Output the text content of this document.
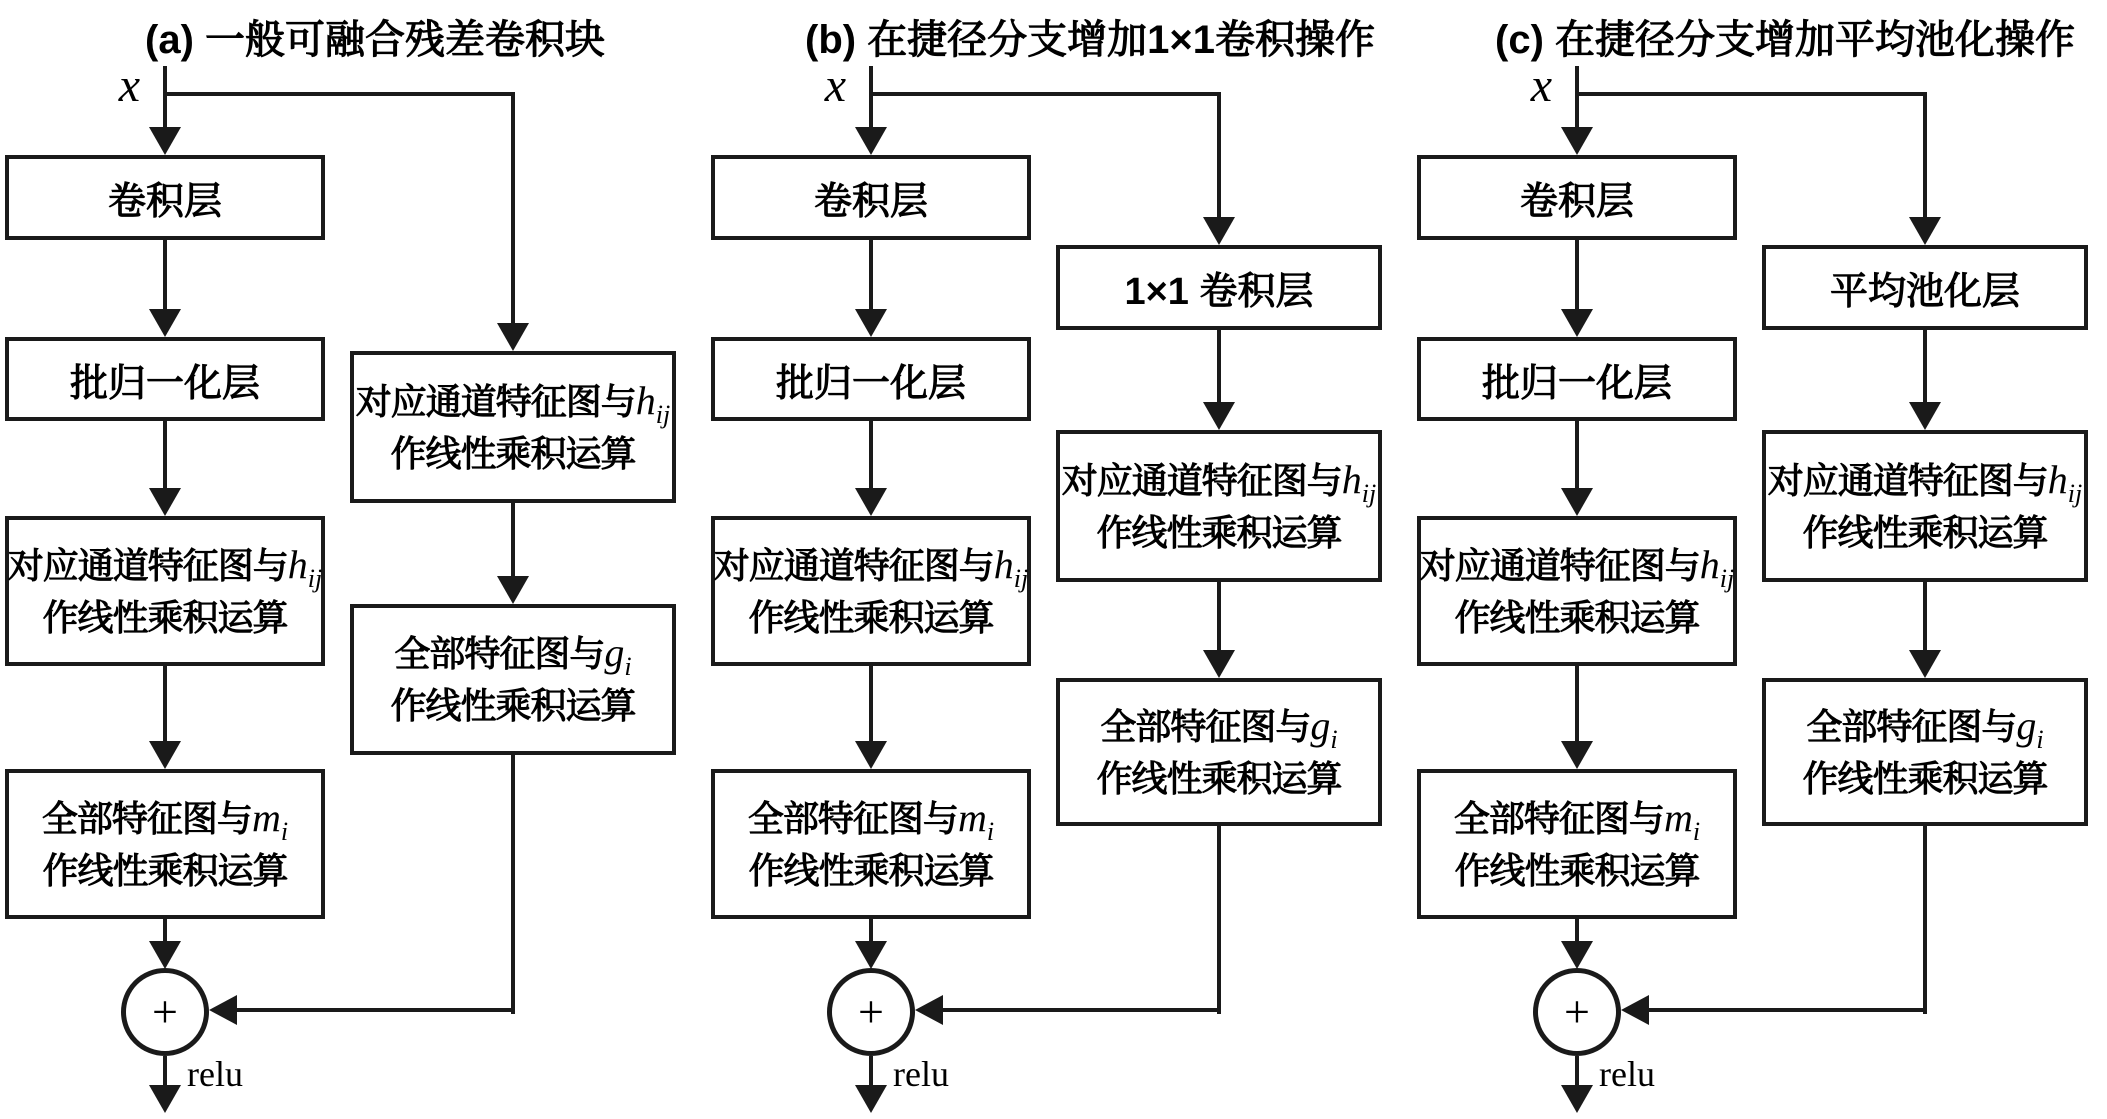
(a) 一般可融合残差卷积块
x
卷积层
批归一化层
对应通道特征图与$h_{ij}$
作线性乘积运算
全部特征图与$m_i$
作线性乘积运算
对应通道特征图与$h_{ij}$
作线性乘积运算
全部特征图与$g_i$
作线性乘积运算
+
relu
(b) 在捷径分支增加1×1卷积操作
x
卷积层
批归一化层
对应通道特征图与$h_{ij}$
作线性乘积运算
全部特征图与$m_i$
作线性乘积运算
1×1 卷积层
对应通道特征图与$h_{ij}$
作线性乘积运算
全部特征图与$g_i$
作线性乘积运算
+
relu
(c) 在捷径分支增加平均池化操作
x
卷积层
批归一化层
对应通道特征图与$h_{ij}$
作线性乘积运算
全部特征图与$m_i$
作线性乘积运算
平均池化层
对应通道特征图与$h_{ij}$
作线性乘积运算
全部特征图与$g_i$
作线性乘积运算
+
relu
